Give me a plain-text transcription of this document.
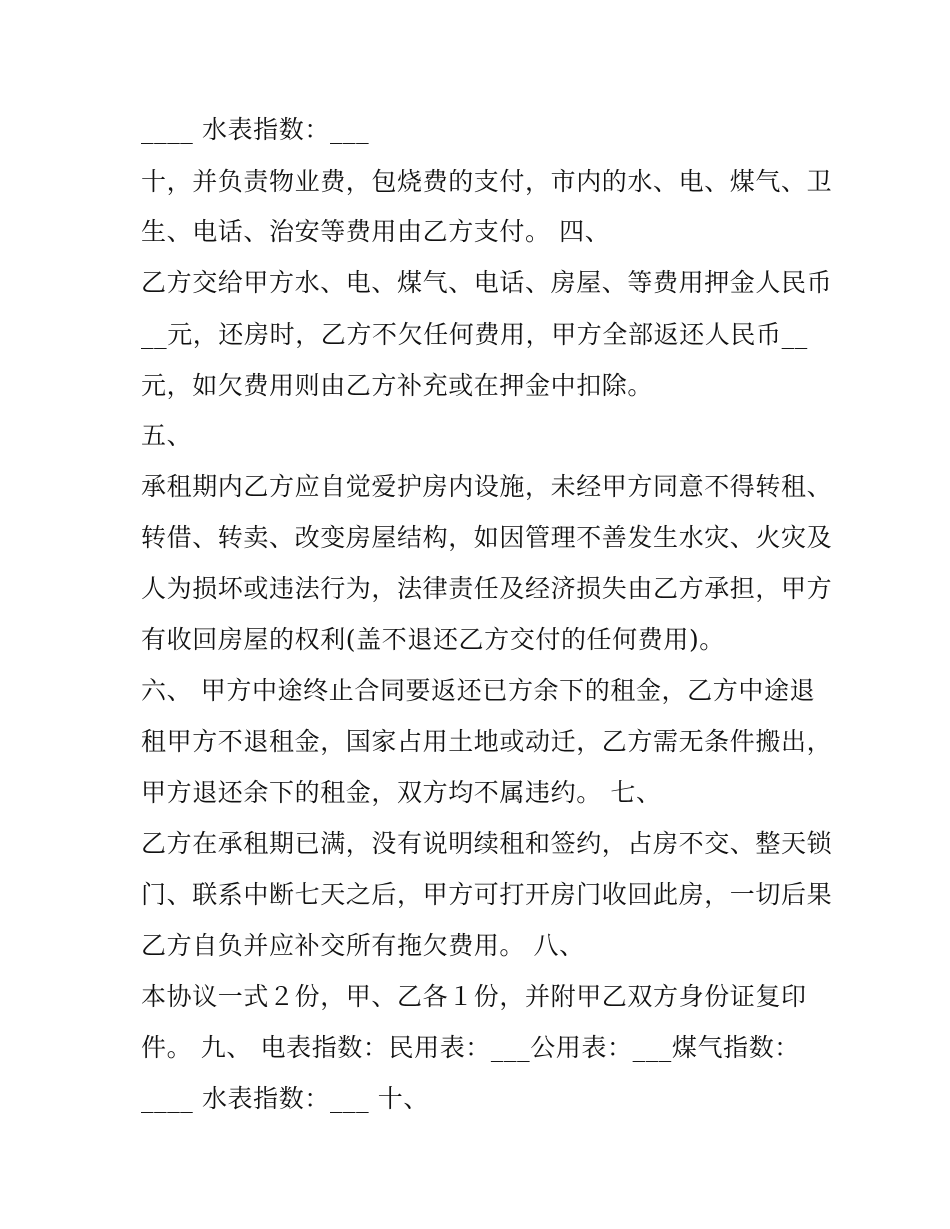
____ 水表指数：___
十，并负责物业费，包烧费的支付，市内的水、电、煤气、卫
生、电话、治安等费用由乙方支付。 四、
乙方交给甲方水、电、煤气、电话、房屋、等费用押金人民币
__元，还房时，乙方不欠任何费用，甲方全部返还人民币__
元，如欠费用则由乙方补充或在押金中扣除。
五、
承租期内乙方应自觉爱护房内设施，未经甲方同意不得转租、
转借、转卖、改变房屋结构，如因管理不善发生水灾、火灾及
人为损坏或违法行为，法律责任及经济损失由乙方承担，甲方
有收回房屋的权利(盖不退还乙方交付的任何费用)。
六、 甲方中途终止合同要返还已方余下的租金，乙方中途退
租甲方不退租金，国家占用土地或动迁，乙方需无条件搬出，
甲方退还余下的租金，双方均不属违约。 七、
乙方在承租期已满，没有说明续租和签约，占房不交、整天锁
门、联系中断七天之后，甲方可打开房门收回此房，一切后果
乙方自负并应补交所有拖欠费用。 八、
本协议一式２份，甲、乙各１份，并附甲乙双方身份证复印
件。 九、 电表指数：民用表：___公用表：___煤气指数：
____ 水表指数：___ 十、
